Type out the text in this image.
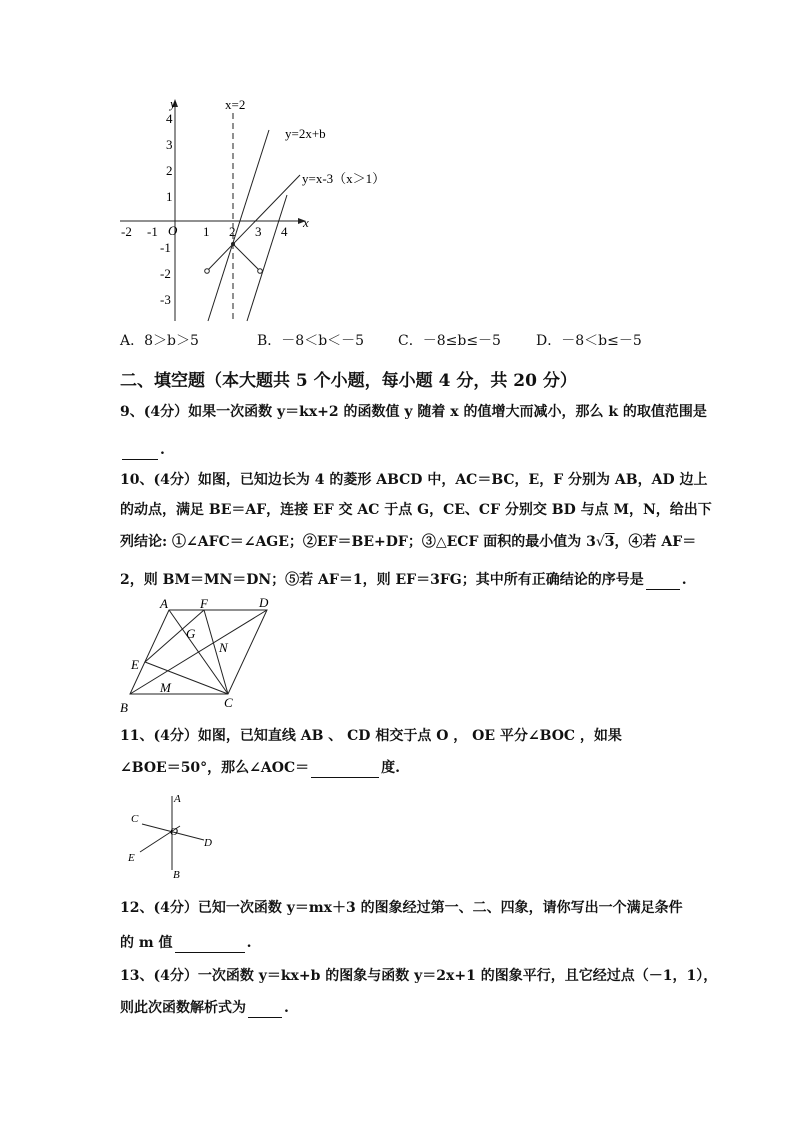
x
y
O
-2 -1	1 2 3 4
4
3
2
1
-1
-2
-3
x=2
y=2x+b
y=x-3（x＞1）
A．8＞b＞5	B．－8＜b＜－5 C．－8≤b≤－5	D．－8＜b≤－5
二、填空题（本大题共 5 个小题，每小题 4 分，共 20 分）
9、(4分）如果一次函数 y＝kx+2 的函数值 y 随着 x 的值增大而减小，那么 k 的取值范围是
.
10、(4分）如图，已知边长为 4 的菱形 ABCD 中，AC＝BC，E，F 分别为 AB，AD 边上
的动点，满足 BE＝AF，连接 EF 交 AC 于点 G，CE、CF 分别交 BD 与点 M，N，给出下
列结论: ①∠AFC＝∠AGE；②EF＝BE+DF；③△ECF 面积的最小值为 3√3，④若 AF＝
2，则 BM＝MN＝DN；⑤若 AF＝1，则 EF＝3FG；其中所有正确结论的序号是	.
A F	D
G
N
E
M
B	C
11、(4分）如图，已知直线 AB 、 CD 相交于点 O ， OE 平分∠BOC ，如果
∠BOE＝50°，那么∠AOC＝	度.
A
C
O
D
E
B
12、(4分）已知一次函数 y＝mx＋3 的图象经过第一、二、四象，请你写出一个满足条件
的 m 值	.
13、(4分）一次函数 y＝kx+b 的图象与函数 y＝2x+1 的图象平行，且它经过点（－1，1），
则此次函数解析式为	.
